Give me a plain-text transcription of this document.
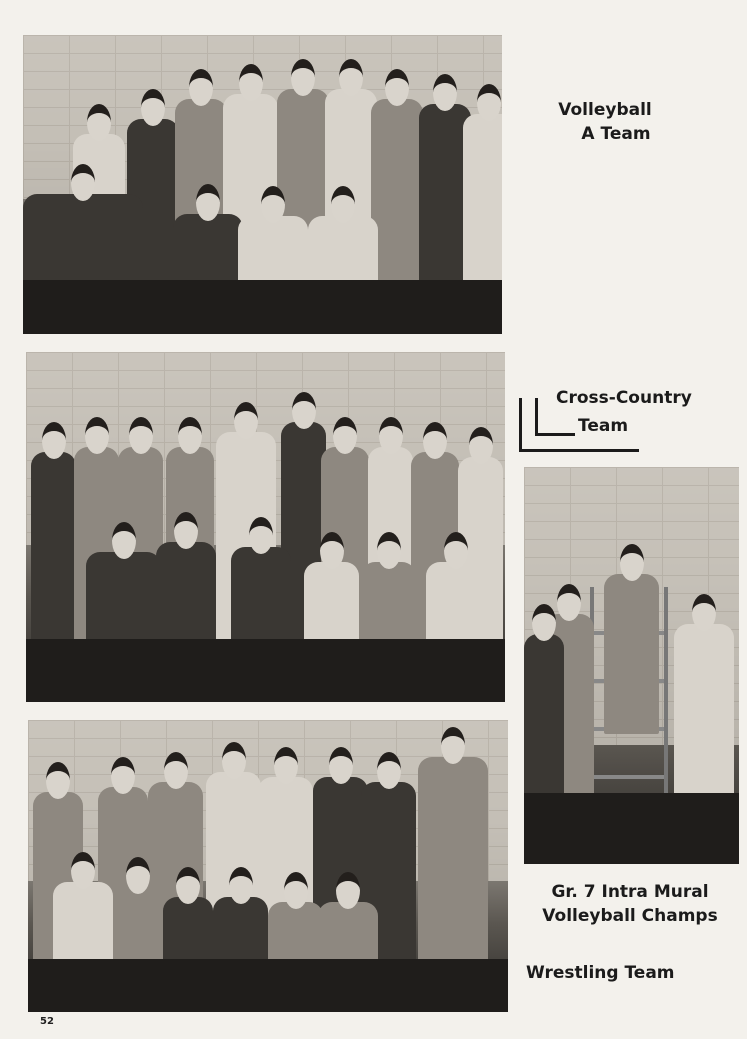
Volleyball
A Team
Cross-Country
Team
Gr. 7 Intra Mural
Volleyball Champs
Wrestling Team
52
